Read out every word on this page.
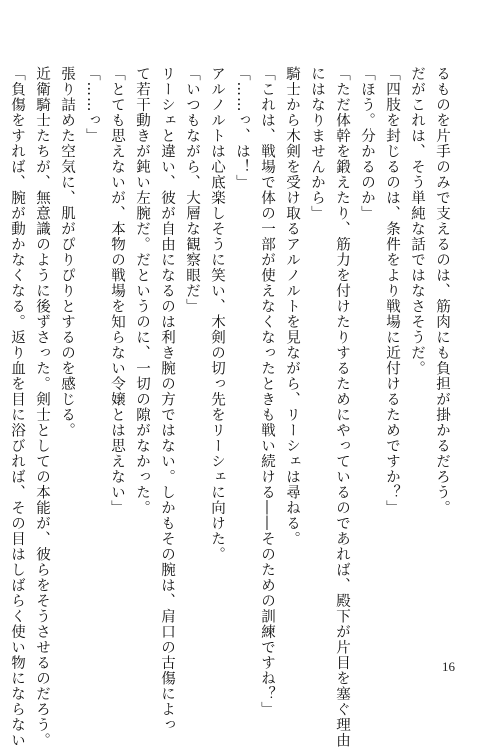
るものを片手のみで支えるのは、筋肉にも負担が掛かるだろう。
だがこれは、そう単純な話ではなさそうだ。
「四肢を封じるのは、条件をより戦場に近付けるためですか？」
「ほう。分かるのか」
「ただ体幹を鍛えたり、筋力を付けたりするためにやっているのであれば、殿下が片目を塞ぐ理由
にはなりませんから」
騎士から木剣を受け取るアルノルトを見ながら、リーシェは尋ねる。
「これは、戦場で体の一部が使えなくなったときも戦い続ける――そのための訓練ですね？」
「……っ、は！」
アルノルトは心底楽しそうに笑い、木剣の切っ先をリーシェに向けた。
「いつもながら、大層な観察眼だ」
リーシェと違い、彼が自由になるのは利き腕の方ではない。しかもその腕は、肩口の古傷によっ
て若干動きが鈍い左腕だ。だというのに、一切の隙がなかった。
「とても思えないが、本物の戦場を知らない令嬢とは思えない」
「……っ」
張り詰めた空気に、肌がぴりぴりとするのを感じる。
近衛騎士たちが、無意識のように後ずさった。剣士としての本能が、彼らをそうさせるのだろう。
「負傷をすれば、腕が動かなくなる。返り血を目に浴びれば、その目はしばらく使い物にならない	16
